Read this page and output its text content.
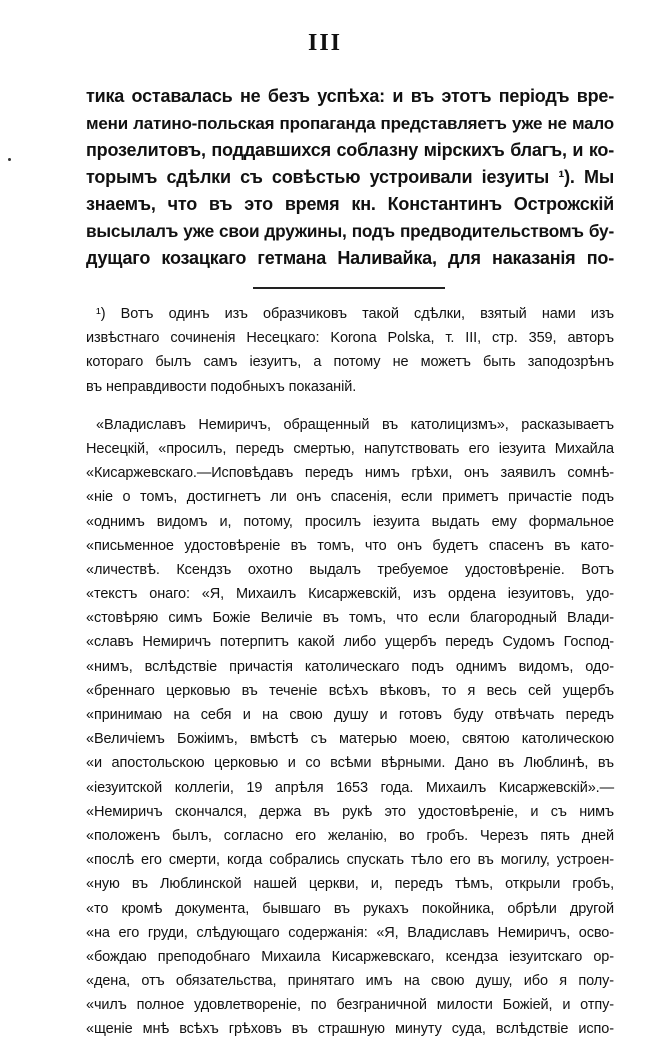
III
тика оставалась не безъ успѣха: и въ этотъ періодъ вре-
мени латино-польская пропаганда представляетъ уже не мало
прозелитовъ, поддавшихся соблазну мірскихъ благъ, и ко-
торымъ сдѣлки съ совѣстью устроивали іезуиты ¹). Мы
знаемъ, что въ это время кн. Константинъ Острожскій
высылалъ уже свои дружины, подъ предводительствомъ бу-
дущаго козацкаго гетмана Наливайка, для наказанія по-
¹) Вотъ одинъ изъ образчиковъ такой сдѣлки, взятый нами изъ
извѣстнаго сочиненія Несецкаго: Korona Polska, т. III, стр. 359, авторъ
котораго былъ самъ іезуитъ, а потому не можетъ быть заподозрѣнъ
въ неправдивости подобныхъ показаній.
«Владиславъ Немиричъ, обращенный въ католицизмъ», расказываетъ
Несецкій, «просилъ, передъ смертью, напутствовать его іезуита Михайла
«Кисаржевскаго.—Исповѣдавъ передъ нимъ грѣхи, онъ заявилъ сомнѣ-
«ніе о томъ, достигнетъ ли онъ спасенія, если приметъ причастіе подъ
«однимъ видомъ и, потому, просилъ іезуита выдать ему формальное
«письменное удостовѣреніе въ томъ, что онъ будетъ спасенъ въ като-
«личествѣ. Ксендзъ охотно выдалъ требуемое удостовѣреніе. Вотъ
«текстъ онаго: «Я, Михаилъ Кисаржевскій, изъ ордена іезуитовъ, удо-
«стовѣряю симъ Божіе Величіе въ томъ, что если благородный Влади-
«славъ Немиричъ потерпитъ какой либо ущербъ передъ Судомъ Господ-
«нимъ, вслѣдствіе причастія католическаго подъ однимъ видомъ, одо-
«бреннаго церковью въ теченіе всѣхъ вѣковъ, то я весь сей ущербъ
«принимаю на себя и на свою душу и готовъ буду отвѣчать передъ
«Величіемъ Божіимъ, вмѣстѣ съ матерью моею, святою католическою
«и апостольскою церковью и со всѣми вѣрными. Дано въ Люблинѣ, въ
«іезуитской коллегіи, 19 апрѣля 1653 года. Михаилъ Кисаржевскій».—
«Немиричъ скончался, держа въ рукѣ это удостовѣреніе, и съ нимъ
«положенъ былъ, согласно его желанію, во гробъ. Черезъ пять дней
«послѣ его смерти, когда собрались спускать тѣло его въ могилу, устроен-
«ную въ Люблинской нашей церкви, и, передъ тѣмъ, открыли гробъ,
«то кромѣ документа, бывшаго въ рукахъ покойника, обрѣли другой
«на его груди, слѣдующаго содержанія: «Я, Владиславъ Немиричъ, осво-
«бождаю преподобнаго Михаила Кисаржевскаго, ксендза іезуитскаго ор-
«дена, отъ обязательства, принятаго имъ на свою душу, ибо я полу-
«чилъ полное удовлетвореніе, по безграничной милости Божіей, и отпу-
«щеніе мнѣ всѣхъ грѣховъ въ страшную минуту суда, вслѣдствіе испо-
